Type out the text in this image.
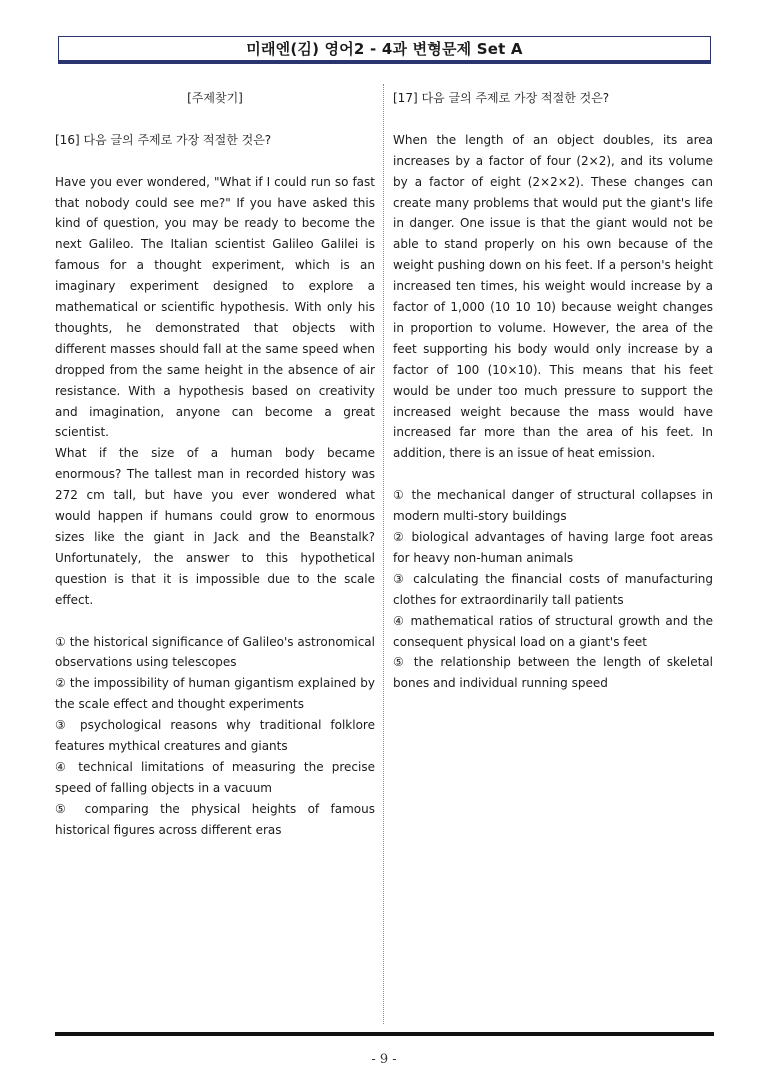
미래엔(김) 영어2 - 4과 변형문제 Set A
[주제찾기]
[16] 다음 글의 주제로 가장 적절한 것은?

Have you ever wondered, "What if I could run so fast that nobody could see me?" If you have asked this kind of question, you may be ready to become the next Galileo. The Italian scientist Galileo Galilei is famous for a thought experiment, which is an imaginary experiment designed to explore a mathematical or scientific hypothesis. With only his thoughts, he demonstrated that objects with different masses should fall at the same speed when dropped from the same height in the absence of air resistance. With a hypothesis based on creativity and imagination, anyone can become a great scientist.

What if the size of a human body became enormous? The tallest man in recorded history was 272 cm tall, but have you ever wondered what would happen if humans could grow to enormous sizes like the giant in Jack and the Beanstalk? Unfortunately, the answer to this hypothetical question is that it is impossible due to the scale effect.

① the historical significance of Galileo's astronomical observations using telescopes
② the impossibility of human gigantism explained by the scale effect and thought experiments
③ psychological reasons why traditional folklore features mythical creatures and giants
④ technical limitations of measuring the precise speed of falling objects in a vacuum
⑤ comparing the physical heights of famous historical figures across different eras
[17] 다음 글의 주제로 가장 적절한 것은?

When the length of an object doubles, its area increases by a factor of four (2×2), and its volume by a factor of eight (2×2×2). These changes can create many problems that would put the giant's life in danger. One issue is that the giant would not be able to stand properly on his own because of the weight pushing down on his feet. If a person's height increased ten times, his weight would increase by a factor of 1,000 (10 10 10) because weight changes in proportion to volume. However, the area of the feet supporting his body would only increase by a factor of 100 (10×10). This means that his feet would be under too much pressure to support the increased weight because the mass would have increased far more than the area of his feet. In addition, there is an issue of heat emission.

① the mechanical danger of structural collapses in modern multi-story buildings
② biological advantages of having large foot areas for heavy non-human animals
③ calculating the financial costs of manufacturing clothes for extraordinarily tall patients
④ mathematical ratios of structural growth and the consequent physical load on a giant's feet
⑤ the relationship between the length of skeletal bones and individual running speed
- 9 -
